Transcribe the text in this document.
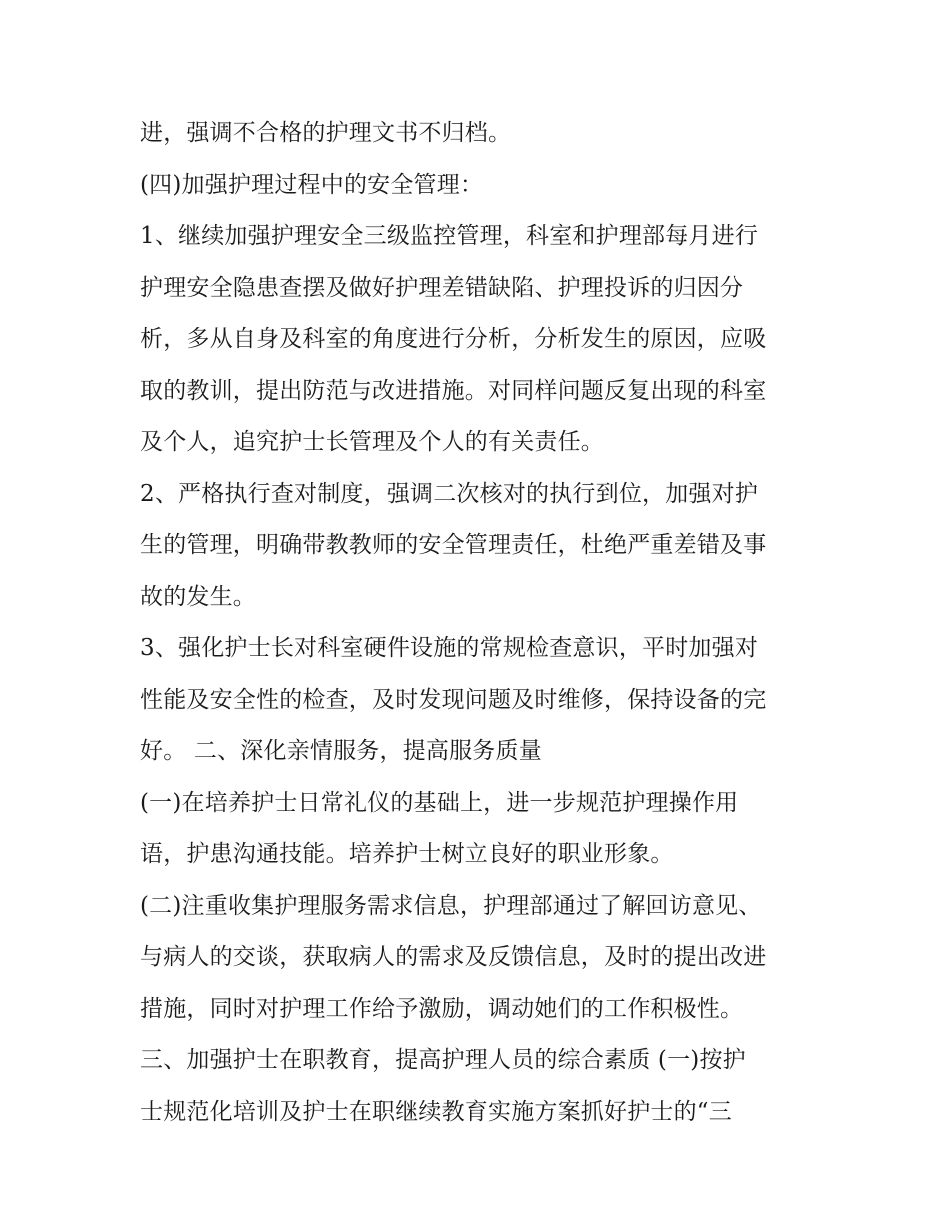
进，强调不合格的护理文书不归档。
(四)加强护理过程中的安全管理：
1、继续加强护理安全三级监控管理，科室和护理部每月进行
护理安全隐患查摆及做好护理差错缺陷、护理投诉的归因分
析，多从自身及科室的角度进行分析，分析发生的原因，应吸
取的教训，提出防范与改进措施。对同样问题反复出现的科室
及个人，追究护士长管理及个人的有关责任。
2、严格执行查对制度，强调二次核对的执行到位，加强对护
生的管理，明确带教教师的安全管理责任，杜绝严重差错及事
故的发生。
3、强化护士长对科室硬件设施的常规检查意识，平时加强对
性能及安全性的检查，及时发现问题及时维修，保持设备的完
好。 二、深化亲情服务，提高服务质量
(一)在培养护士日常礼仪的基础上，进一步规范护理操作用
语，护患沟通技能。培养护士树立良好的职业形象。
(二)注重收集护理服务需求信息，护理部通过了解回访意见、
与病人的交谈，获取病人的需求及反馈信息，及时的提出改进
措施，同时对护理工作给予激励，调动她们的工作积极性。
三、加强护士在职教育，提高护理人员的综合素质 (一)按护
士规范化培训及护士在职继续教育实施方案抓好护士的“三
